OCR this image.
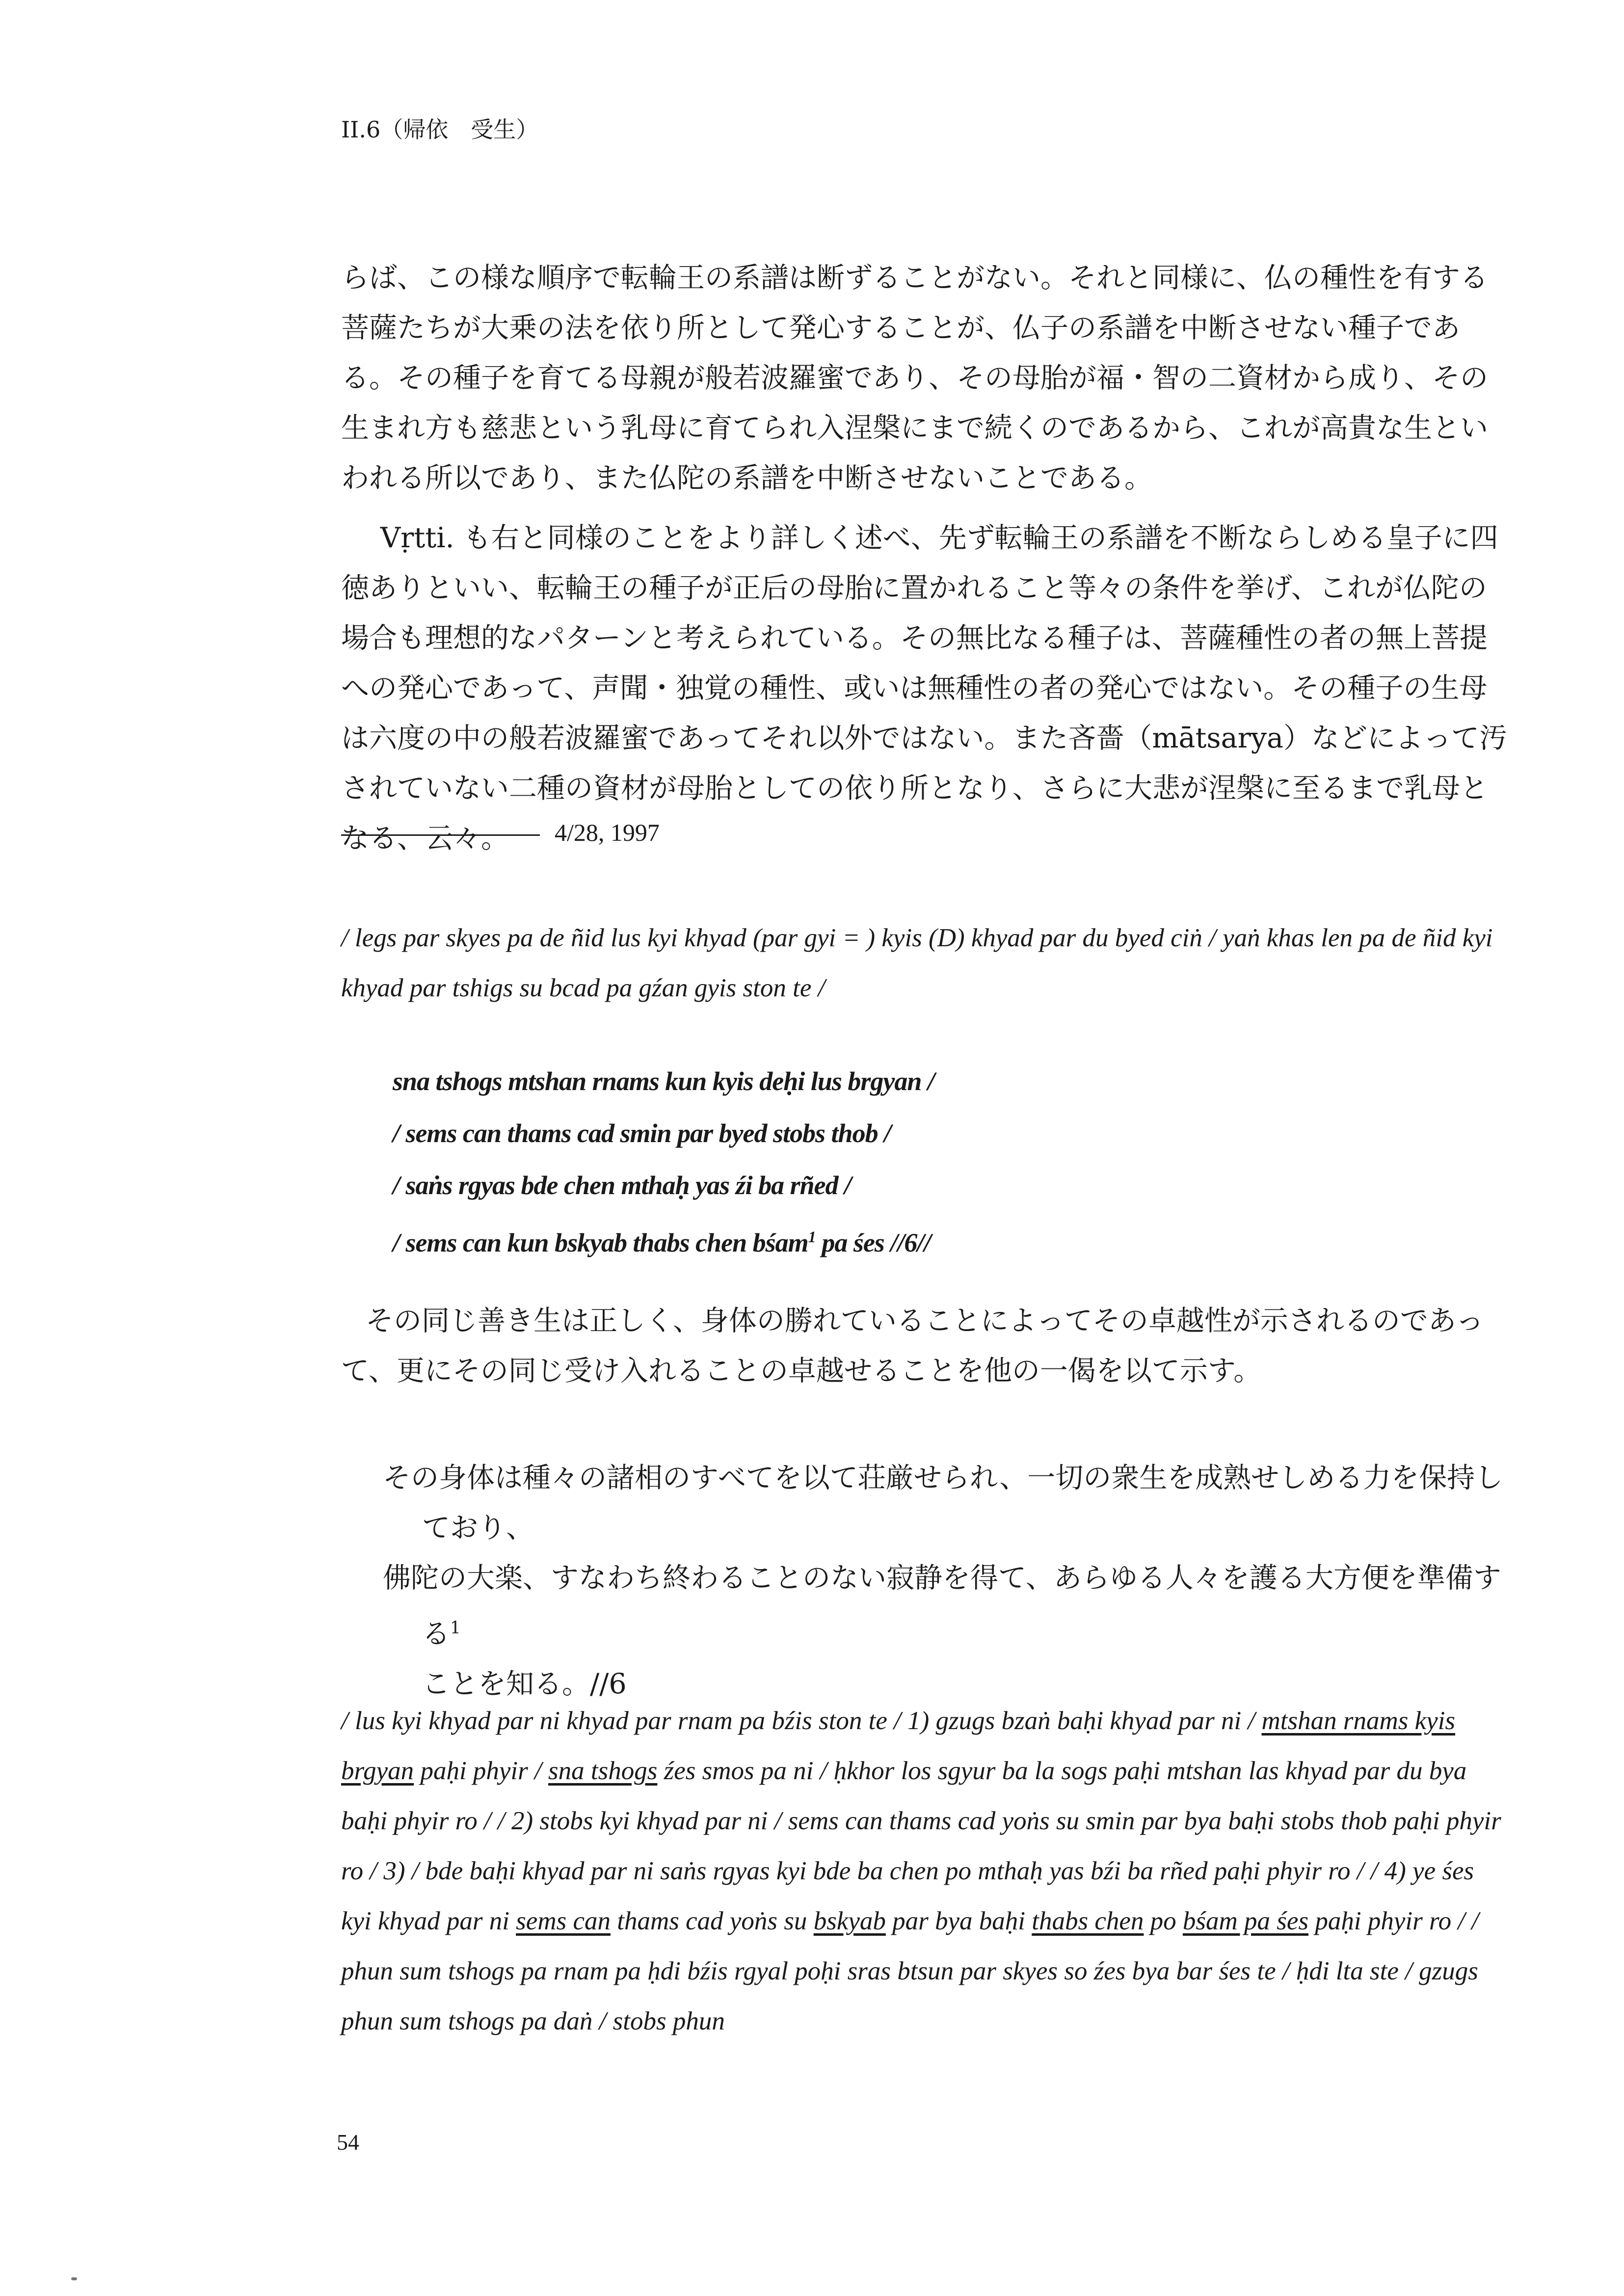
II.6（帰依　受生）

らば、この様な順序で転輪王の系譜は断ずることがない。それと同様に、仏の種性を有する菩薩たちが大乗の法を依り所として発心することが、仏子の系譜を中断させない種子である。その種子を育てる母親が般若波羅蜜であり、その母胎が福・智の二資材から成り、その生まれ方も慈悲という乳母に育てられ入涅槃にまで続くのであるから、これが高貴な生といわれる所以であり、また仏陀の系譜を中断させないことである。

Vṛtti. も右と同様のことをより詳しく述べ、先ず転輪王の系譜を不断ならしめる皇子に四徳ありといい、転輪王の種子が正后の母胎に置かれること等々の条件を挙げ、これが仏陀の場合も理想的なパターンと考えられている。その無比なる種子は、菩薩種性の者の無上菩提への発心であって、声聞・独覚の種性、或いは無種性の者の発心ではない。その種子の生母は六度の中の般若波羅蜜であってそれ以外ではない。また吝嗇（mātsarya）などによって汚されていない二種の資材が母胎としての依り所となり、さらに大悲が涅槃に至るまで乳母となる、云々。	4/28, 1997

/ legs par skyes pa de ñid lus kyi khyad (par gyi = ) kyis (D) khyad par du byed ciṅ / yaṅ khas len pa de ñid kyi khyad par tshigs su bcad pa gźan gyis ston te /

sna tshogs mtshan rnams kun kyis deḥi lus brgyan /
/ sems can thams cad smin par byed stobs thob /
/ saṅs rgyas bde chen mthaḥ yas źi ba rñed /
/ sems can kun bskyab thabs chen bśam$^1$ pa śes //6//

その同じ善き生は正しく、身体の勝れていることによってその卓越性が示されるのであって、更にその同じ受け入れることの卓越せることを他の一偈を以て示す。

その身体は種々の諸相のすべてを以て荘厳せられ、一切の衆生を成熟せしめる力を保持しており、
佛陀の大楽、すなわち終わることのない寂静を得て、あらゆる人々を護る大方便を準備する$^1$
ことを知る。//6

/ lus kyi khyad par ni khyad par rnam pa bźis ston te / 1) gzugs bzaṅ baḥi khyad par ni / mtshan rnams kyis brgyan paḥi phyir / sna tshogs źes smos pa ni / ḥkhor los sgyur ba la sogs paḥi mtshan las khyad par du bya baḥi phyir ro / / 2) stobs kyi khyad par ni / sems can thams cad yoṅs su smin par bya baḥi stobs thob paḥi phyir ro / 3) / bde baḥi khyad par ni saṅs rgyas kyi bde ba chen po mthaḥ yas bźi ba rñed paḥi phyir ro / / 4) ye śes kyi khyad par ni sems can thams cad yoṅs su bskyab par bya baḥi thabs chen po bśam pa śes paḥi phyir ro / / phun sum tshogs pa rnam pa ḥdi bźis rgyal poḥi sras btsun par skyes so źes bya bar śes te / ḥdi lta ste / gzugs phun sum tshogs pa daṅ / stobs phun

54
